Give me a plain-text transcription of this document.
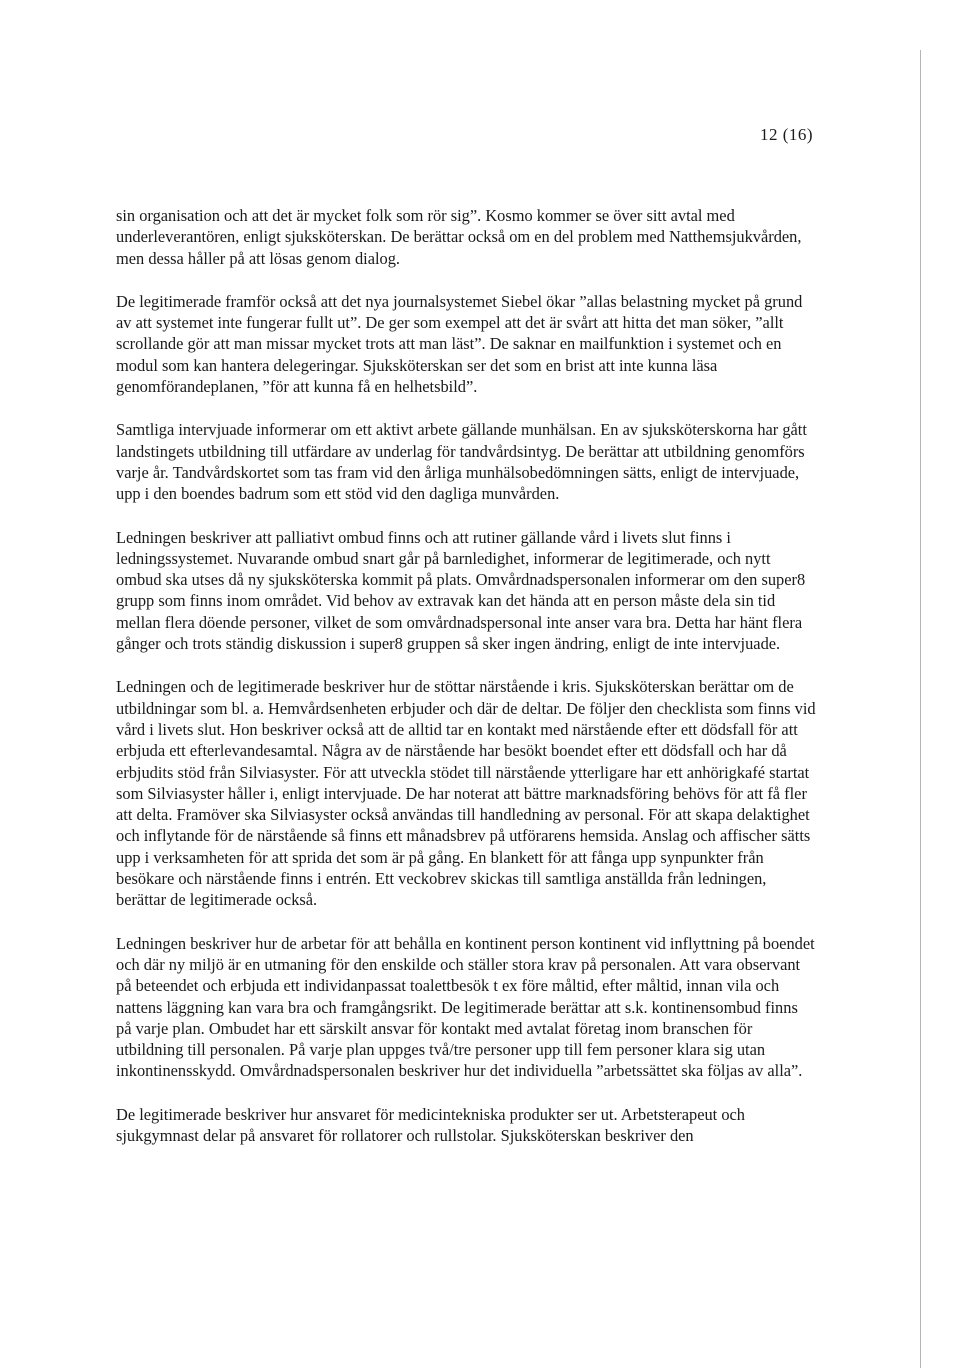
12 (16)

sin organisation och att det är mycket folk som rör sig”. Kosmo kommer se över sitt avtal med underleverantören, enligt sjuksköterskan. De berättar också om en del problem med Natthemsjukvården, men dessa håller på att lösas genom dialog.

De legitimerade framför också att det nya journalsystemet Siebel ökar ”allas belastning mycket på grund av att systemet inte fungerar fullt ut”. De ger som exempel att det är svårt att hitta det man söker, ”allt scrollande gör att man missar mycket trots att man läst”. De saknar en mailfunktion i systemet och en modul som kan hantera delegeringar. Sjuksköterskan ser det som en brist att inte kunna läsa genomförandeplanen, ”för att kunna få en helhetsbild”.

Samtliga intervjuade informerar om ett aktivt arbete gällande munhälsan. En av sjuksköterskorna har gått landstingets utbildning till utfärdare av underlag för tandvårdsintyg. De berättar att utbildning genomförs varje år. Tandvårdskortet som tas fram vid den årliga munhälsobedömningen sätts, enligt de intervjuade, upp i den boendes badrum som ett stöd vid den dagliga munvården.

Ledningen beskriver att palliativt ombud finns och att rutiner gällande vård i livets slut finns i ledningssystemet. Nuvarande ombud snart går på barnledighet, informerar de legitimerade, och nytt ombud ska utses då ny sjuksköterska kommit på plats. Omvårdnadspersonalen informerar om den super8 grupp som finns inom området. Vid behov av extravak kan det hända att en person måste dela sin tid mellan flera döende personer, vilket de som omvårdnadspersonal inte anser vara bra. Detta har hänt flera gånger och trots ständig diskussion i super8 gruppen så sker ingen ändring, enligt de inte intervjuade.

Ledningen och de legitimerade beskriver hur de stöttar närstående i kris. Sjuksköterskan berättar om de utbildningar som bl. a. Hemvårdsenheten erbjuder och där de deltar. De följer den checklista som finns vid vård i livets slut. Hon beskriver också att de alltid tar en kontakt med närstående efter ett dödsfall för att erbjuda ett efterlevandesamtal. Några av de närstående har besökt boendet efter ett dödsfall och har då erbjudits stöd från Silviasyster. För att utveckla stödet till närstående ytterligare har ett anhörigkafé startat som Silviasyster håller i, enligt intervjuade. De har noterat att bättre marknadsföring behövs för att få fler att delta. Framöver ska Silviasyster också användas till handledning av personal. För att skapa delaktighet och inflytande för de närstående så finns ett månadsbrev på utförarens hemsida. Anslag och affischer sätts upp i verksamheten för att sprida det som är på gång. En blankett för att fånga upp synpunkter från besökare och närstående finns i entrén. Ett veckobrev skickas till samtliga anställda från ledningen, berättar de legitimerade också.

Ledningen beskriver hur de arbetar för att behålla en kontinent person kontinent vid inflyttning på boendet och där ny miljö är en utmaning för den enskilde och ställer stora krav på personalen. Att vara observant på beteendet och erbjuda ett individanpassat toalettbesök t ex före måltid, efter måltid, innan vila och nattens läggning kan vara bra och framgångsrikt. De legitimerade berättar att s.k. kontinensombud finns på varje plan. Ombudet har ett särskilt ansvar för kontakt med avtalat företag inom branschen för utbildning till personalen. På varje plan uppges två/tre personer upp till fem personer klara sig utan inkontinensskydd. Omvårdnadspersonalen beskriver hur det individuella ”arbetssättet ska följas av alla”.

De legitimerade beskriver hur ansvaret för medicintekniska produkter ser ut. Arbetsterapeut och sjukgymnast delar på ansvaret för rollatorer och rullstolar. Sjuksköterskan beskriver den
